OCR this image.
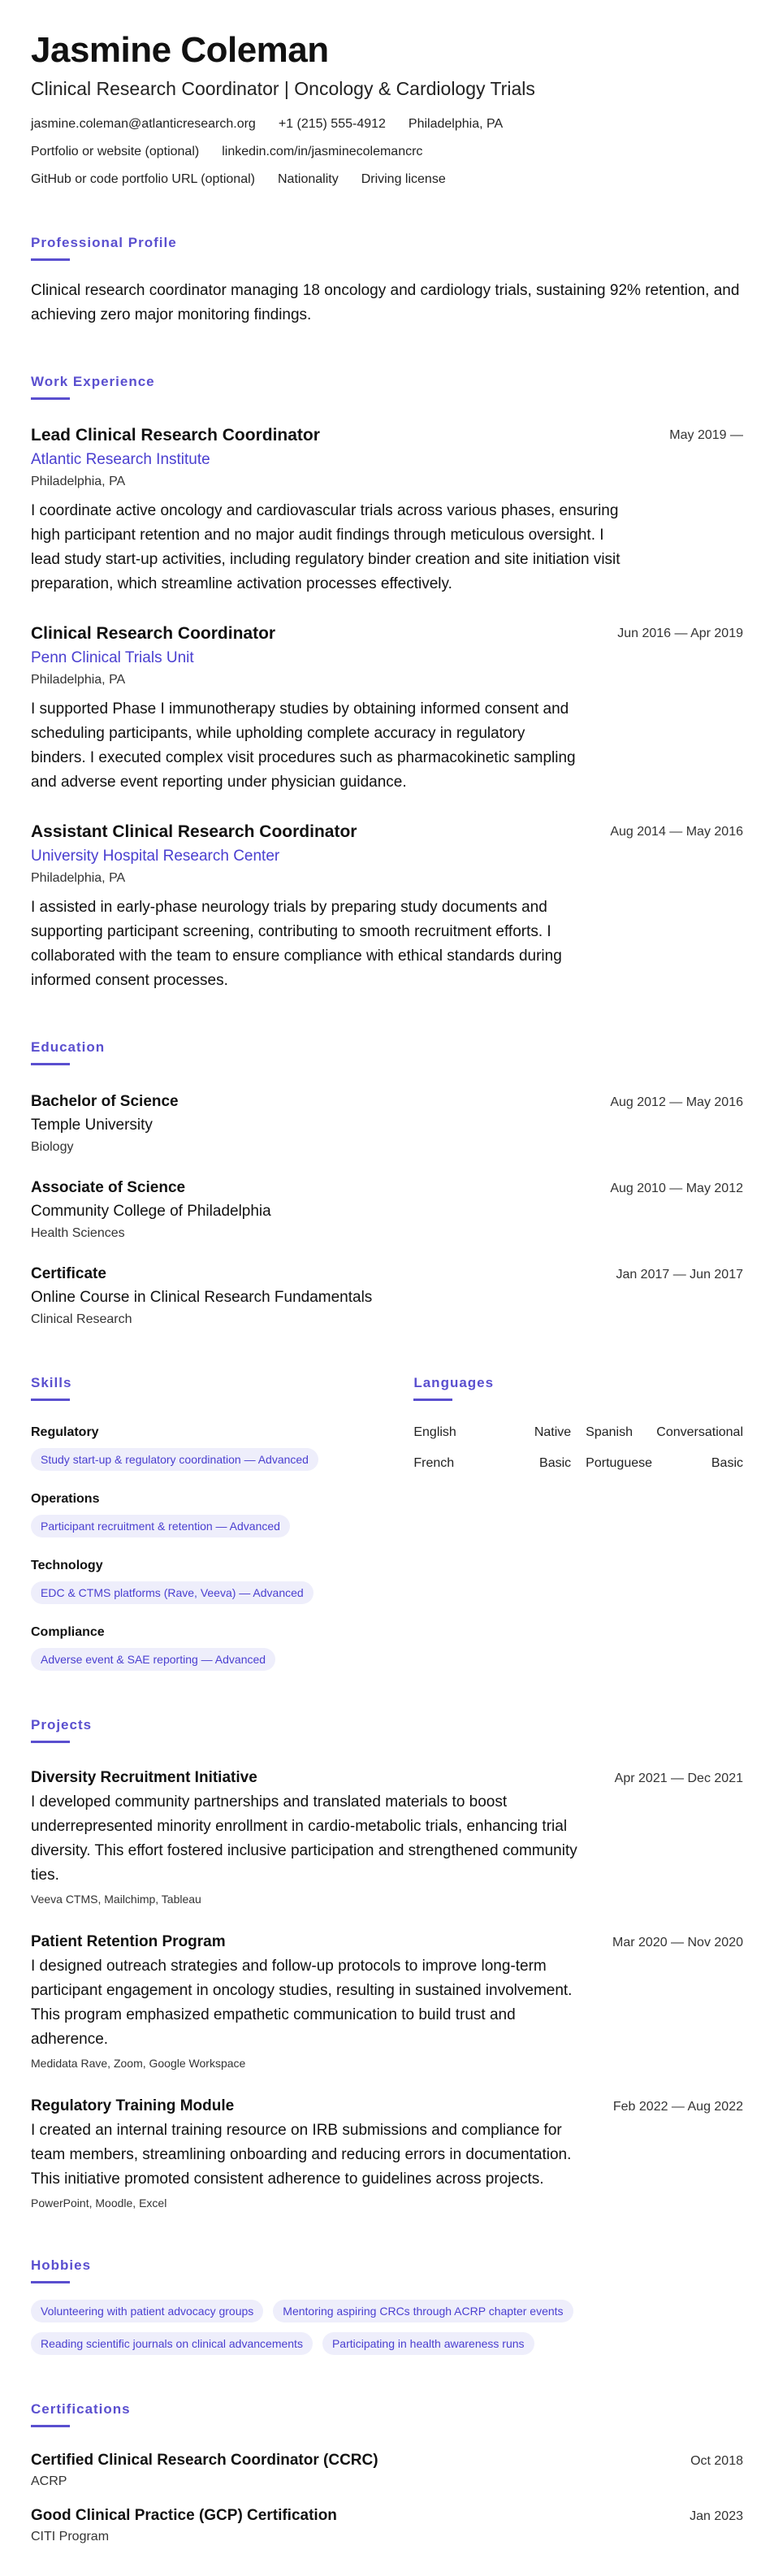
Jasmine Coleman
Clinical Research Coordinator | Oncology & Cardiology Trials
jasmine.coleman@atlanticresearch.org +1 (215) 555-4912 Philadelphia, PA
Portfolio or website (optional) linkedin.com/in/jasminecolemancrc
GitHub or code portfolio URL (optional) Nationality Driving license
Professional Profile
Clinical research coordinator managing 18 oncology and cardiology trials, sustaining 92% retention, and achieving zero major monitoring findings.
Work Experience
Lead Clinical Research Coordinator
Atlantic Research Institute
Philadelphia, PA
I coordinate active oncology and cardiovascular trials across various phases, ensuring high participant retention and no major audit findings through meticulous oversight. I lead study start-up activities, including regulatory binder creation and site initiation visit preparation, which streamline activation processes effectively.
May 2019 —
Clinical Research Coordinator
Penn Clinical Trials Unit
Philadelphia, PA
I supported Phase I immunotherapy studies by obtaining informed consent and scheduling participants, while upholding complete accuracy in regulatory binders. I executed complex visit procedures such as pharmacokinetic sampling and adverse event reporting under physician guidance.
Jun 2016 — Apr 2019
Assistant Clinical Research Coordinator
University Hospital Research Center
Philadelphia, PA
I assisted in early-phase neurology trials by preparing study documents and supporting participant screening, contributing to smooth recruitment efforts. I collaborated with the team to ensure compliance with ethical standards during informed consent processes.
Aug 2014 — May 2016
Education
Bachelor of Science
Temple University
Biology
Aug 2012 — May 2016
Associate of Science
Community College of Philadelphia
Health Sciences
Aug 2010 — May 2012
Certificate
Online Course in Clinical Research Fundamentals
Clinical Research
Jan 2017 — Jun 2017
Skills
Regulatory
Study start-up & regulatory coordination — Advanced
Operations
Participant recruitment & retention — Advanced
Technology
EDC & CTMS platforms (Rave, Veeva) — Advanced
Compliance
Adverse event & SAE reporting — Advanced
Languages
English	Native Spanish Conversational
French	Basic Portuguese	Basic
Projects
Diversity Recruitment Initiative
I developed community partnerships and translated materials to boost underrepresented minority enrollment in cardio-metabolic trials, enhancing trial diversity. This effort fostered inclusive participation and strengthened community ties.
Veeva CTMS, Mailchimp, Tableau
Apr 2021 — Dec 2021
Patient Retention Program
I designed outreach strategies and follow-up protocols to improve long-term participant engagement in oncology studies, resulting in sustained involvement. This program emphasized empathetic communication to build trust and adherence.
Medidata Rave, Zoom, Google Workspace
Mar 2020 — Nov 2020
Regulatory Training Module
I created an internal training resource on IRB submissions and compliance for team members, streamlining onboarding and reducing errors in documentation. This initiative promoted consistent adherence to guidelines across projects.
PowerPoint, Moodle, Excel
Feb 2022 — Aug 2022
Hobbies
Volunteering with patient advocacy groups	Mentoring aspiring CRCs through ACRP chapter events
Reading scientific journals on clinical advancements	Participating in health awareness runs
Certifications
Certified Clinical Research Coordinator (CCRC)
ACRP
Oct 2018
Good Clinical Practice (GCP) Certification
CITI Program
Jan 2023
